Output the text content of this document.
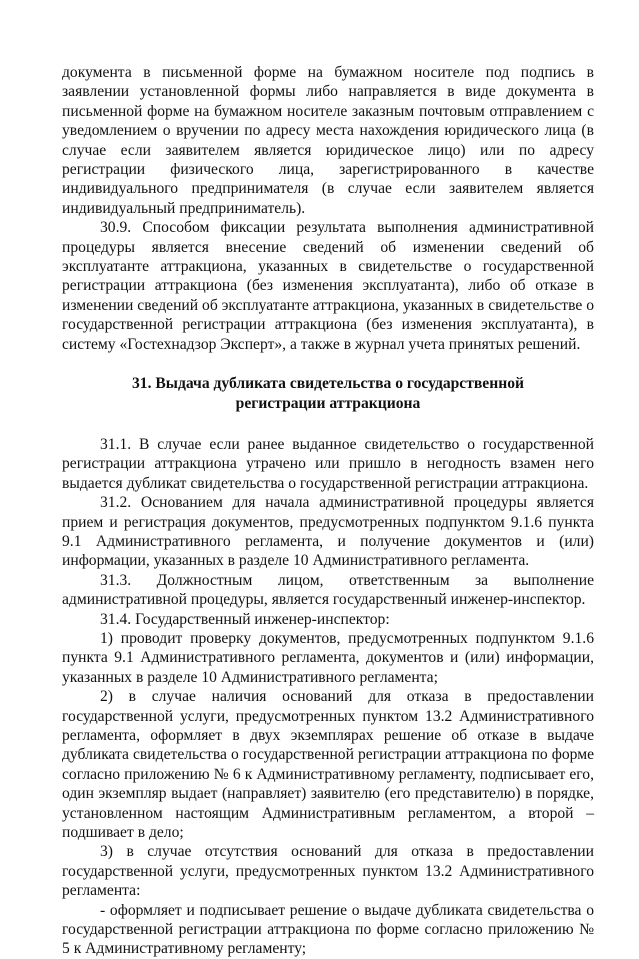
документа в письменной форме на бумажном носителе под подпись в заявлении установленной формы либо направляется в виде документа в письменной форме на бумажном носителе заказным почтовым отправлением с уведомлением о вручении по адресу места нахождения юридического лица (в случае если заявителем является юридическое лицо) или по адресу регистрации физического лица, зарегистрированного в качестве индивидуального предпринимателя (в случае если заявителем является индивидуальный предприниматель).

30.9. Способом фиксации результата выполнения административной процедуры является внесение сведений об изменении сведений об эксплуатанте аттракциона, указанных в свидетельстве о государственной регистрации аттракциона (без изменения эксплуатанта), либо об отказе в изменении сведений об эксплуатанте аттракциона, указанных в свидетельстве о государственной регистрации аттракциона (без изменения эксплуатанта), в систему «Гостехнадзор Эксперт», а также в журнал учета принятых решений.

31. Выдача дубликата свидетельства о государственной
регистрации аттракциона

31.1. В случае если ранее выданное свидетельство о государственной регистрации аттракциона утрачено или пришло в негодность взамен него выдается дубликат свидетельства о государственной регистрации аттракциона.

31.2. Основанием для начала административной процедуры является прием и регистрация документов, предусмотренных подпунктом 9.1.6 пункта 9.1 Административного регламента, и получение документов и (или) информации, указанных в разделе 10 Административного регламента.

31.3. Должностным лицом, ответственным за выполнение административной процедуры, является государственный инженер-инспектор.

31.4. Государственный инженер-инспектор:

1) проводит проверку документов, предусмотренных подпунктом 9.1.6 пункта 9.1 Административного регламента, документов и (или) информации, указанных в разделе 10 Административного регламента;

2) в случае наличия оснований для отказа в предоставлении государственной услуги, предусмотренных пунктом 13.2 Административного регламента, оформляет в двух экземплярах решение об отказе в выдаче дубликата свидетельства о государственной регистрации аттракциона по форме согласно приложению № 6 к Административному регламенту, подписывает его, один экземпляр выдает (направляет) заявителю (его представителю) в порядке, установленном настоящим Административным регламентом, а второй – подшивает в дело;

3) в случае отсутствия оснований для отказа в предоставлении государственной услуги, предусмотренных пунктом 13.2 Административного регламента:

- оформляет и подписывает решение о выдаче дубликата свидетельства о государственной регистрации аттракциона по форме согласно приложению № 5 к Административному регламенту;
